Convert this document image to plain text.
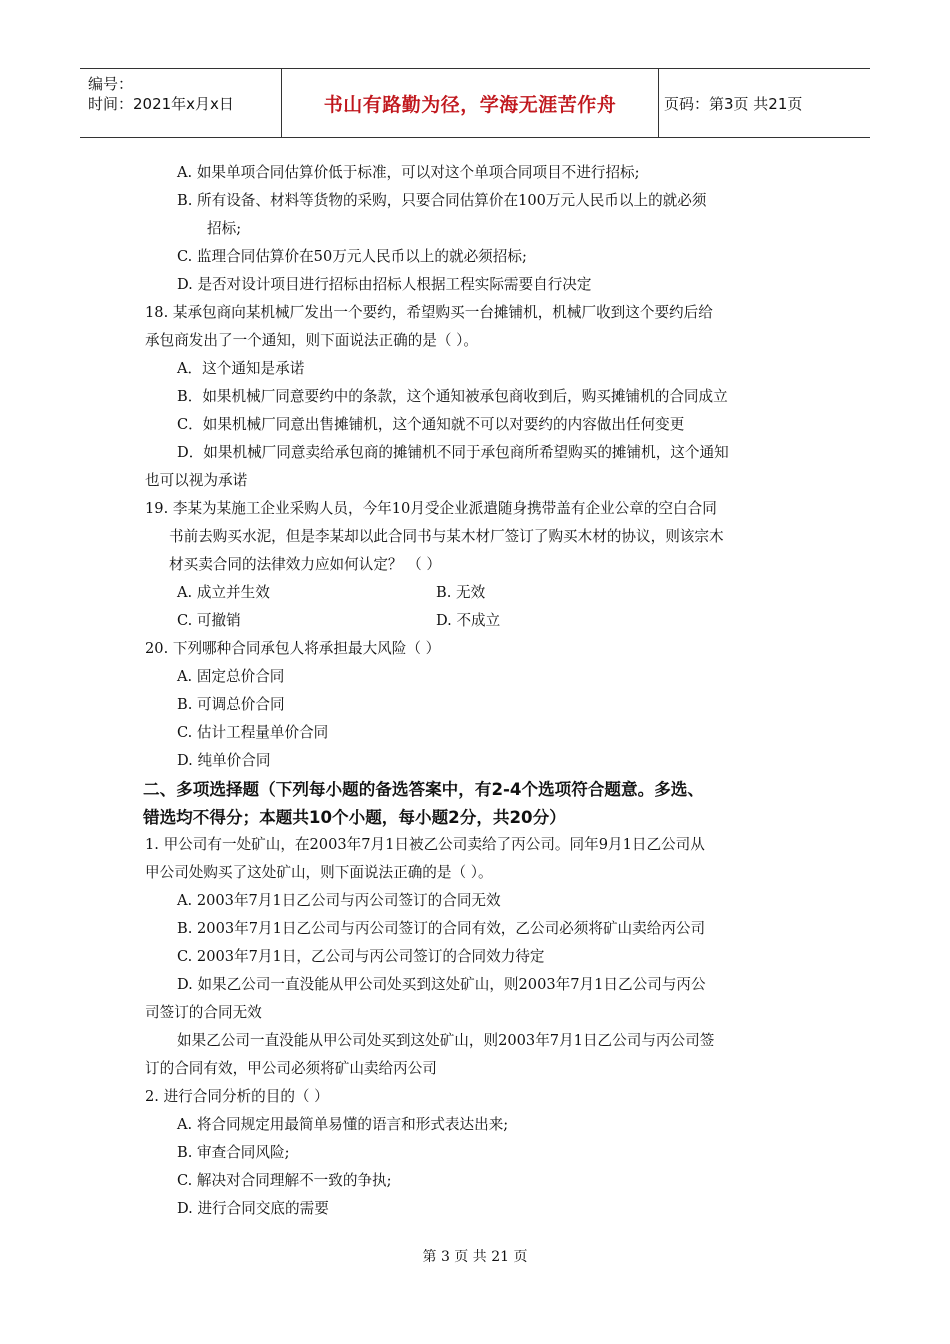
编号：
时间：2021年x月x日	书山有路勤为径，学海无涯苦作舟	页码：第3页 共21页
A. 如果单项合同估算价低于标准，可以对这个单项合同项目不进行招标;
B. 所有设备、材料等货物的采购，只要合同估算价在100万元人民币以上的就必须
招标;
C. 监理合同估算价在50万元人民币以上的就必须招标;
D. 是否对设计项目进行招标由招标人根据工程实际需要自行决定
18. 某承包商向某机械厂发出一个要约，希望购买一台摊铺机，机械厂收到这个要约后给
承包商发出了一个通知，则下面说法正确的是（ ）。
A．这个通知是承诺
B．如果机械厂同意要约中的条款，这个通知被承包商收到后，购买摊铺机的合同成立
C．如果机械厂同意出售摊铺机，这个通知就不可以对要约的内容做出任何变更
D．如果机械厂同意卖给承包商的摊铺机不同于承包商所希望购买的摊铺机，这个通知
也可以视为承诺
19. 李某为某施工企业采购人员，今年10月受企业派遣随身携带盖有企业公章的空白合同
书前去购买水泥，但是李某却以此合同书与某木材厂签订了购买木材的协议，则该宗木
材买卖合同的法律效力应如何认定？ （ ）
A. 成立并生效	B. 无效
C. 可撤销	D. 不成立
20. 下列哪种合同承包人将承担最大风险（ ）
A. 固定总价合同
B. 可调总价合同
C. 估计工程量单价合同
D. 纯单价合同
二、多项选择题（下列每小题的备选答案中，有2-4个选项符合题意。多选、
错选均不得分；本题共10个小题，每小题2分，共20分）
1. 甲公司有一处矿山，在2003年7月1日被乙公司卖给了丙公司。同年9月1日乙公司从
甲公司处购买了这处矿山，则下面说法正确的是（ ）。
A. 2003年7月1日乙公司与丙公司签订的合同无效
B. 2003年7月1日乙公司与丙公司签订的合同有效，乙公司必须将矿山卖给丙公司
C. 2003年7月1日，乙公司与丙公司签订的合同效力待定
D. 如果乙公司一直没能从甲公司处买到这处矿山，则2003年7月1日乙公司与丙公
司签订的合同无效
如果乙公司一直没能从甲公司处买到这处矿山，则2003年7月1日乙公司与丙公司签
订的合同有效，甲公司必须将矿山卖给丙公司
2. 进行合同分析的目的（ ）
A. 将合同规定用最简单易懂的语言和形式表达出来;
B. 审查合同风险;
C. 解决对合同理解不一致的争执;
D. 进行合同交底的需要
第 3 页 共 21 页
